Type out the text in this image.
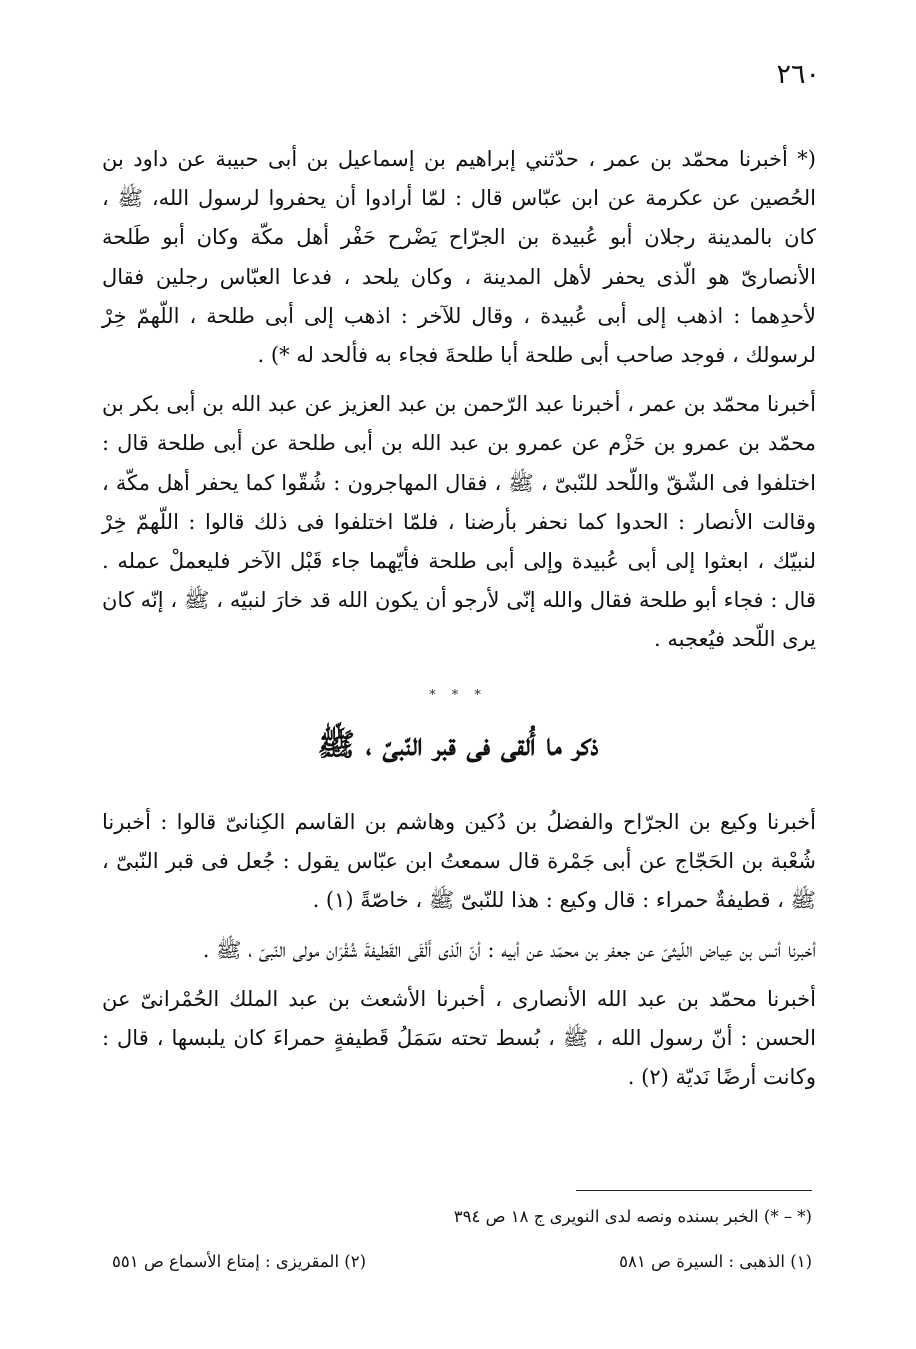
٢٦٠

(* أخبرنا محمّد بن عمر ، حدّثني إبراهيم بن إسماعيل بن أبى حبيبة عن داود بن الحُصين عن عكرمة عن ابن عبّاس قال : لمّا أرادوا أن يحفروا لرسول الله، ﷺ ، كان بالمدينة رجلان أبو عُبيدة بن الجرّاح يَضْرح حَفْر أهل مكّة وكان أبو طَلحة الأنصارىّ هو الّذى يحفر لأهل المدينة ، وكان يلحد ، فدعا العبّاس رجلين فقال لأحدِهما : اذهب إلى أبى عُبيدة ، وقال للآخر : اذهب إلى أبى طلحة ، اللّهمّ خِرْ لرسولك ، فوجد صاحب أبى طلحة أبا طلحةَ فجاء به فألحد له *) .

أخبرنا محمّد بن عمر ، أخبرنا عبد الرّحمن بن عبد العزيز عن عبد الله بن أبى بكر بن محمّد بن عمرو بن حَزْم عن عمرو بن عبد الله بن أبى طلحة عن أبى طلحة قال : اختلفوا فى الشّقّ واللّحد للنّبىّ ، ﷺ ، فقال المهاجرون : شُقّوا كما يحفر أهل مكّة ، وقالت الأنصار : الحدوا كما نحفر بأرضنا ، فلمّا اختلفوا فى ذلك قالوا : اللّهمّ خِرْ لنبيّك ، ابعثوا إلى أبى عُبيدة وإلى أبى طلحة فأيّهما جاء قَبْل الآخر فليعملْ عمله . قال : فجاء أبو طلحة فقال والله إنّى لأرجو أن يكون الله قد خارَ لنبيّه ، ﷺ ، إنّه كان يرى اللّحد فيُعجبه .

* * *
ذكر ما أُلقى فى قبر النّبىّ ، ﷺ

أخبرنا وكيع بن الجرّاح والفضلُ بن دُكين وهاشم بن القاسم الكِنانىّ قالوا : أخبرنا شُعْبة بن الحَجّاج عن أبى جَمْرة قال سمعتُ ابن عبّاس يقول : جُعل فى قبر النّبىّ ، ﷺ ، قطيفةٌ حمراء : قال وكيع : هذا للنّبىّ ﷺ ، خاصّةً (١) .

أخبرنا أنس بن عِياض اللّيثىّ عن جعفر بن محمّد عن أبيه : أنّ الّذى أَلْقَى القَطيفةَ شُقْرَان مولى النّبىّ ، ﷺ .

أخبرنا محمّد بن عبد الله الأنصارى ، أخبرنا الأشعث بن عبد الملك الحُمْرانىّ عن الحسن : أنّ رسول الله ، ﷺ ، بُسط تحته سَمَلُ قَطيفةٍ حمراءَ كان يلبسها ، قال : وكانت أرضًا نَديّة (٢) .

(* – *) الخبر بسنده ونصه لدى النويرى ج ١٨ ص ٣٩٤
(١) الذهبى : السيرة ص ٥٨١
(٢) المقريزى : إمتاع الأسماع ص ٥٥١
